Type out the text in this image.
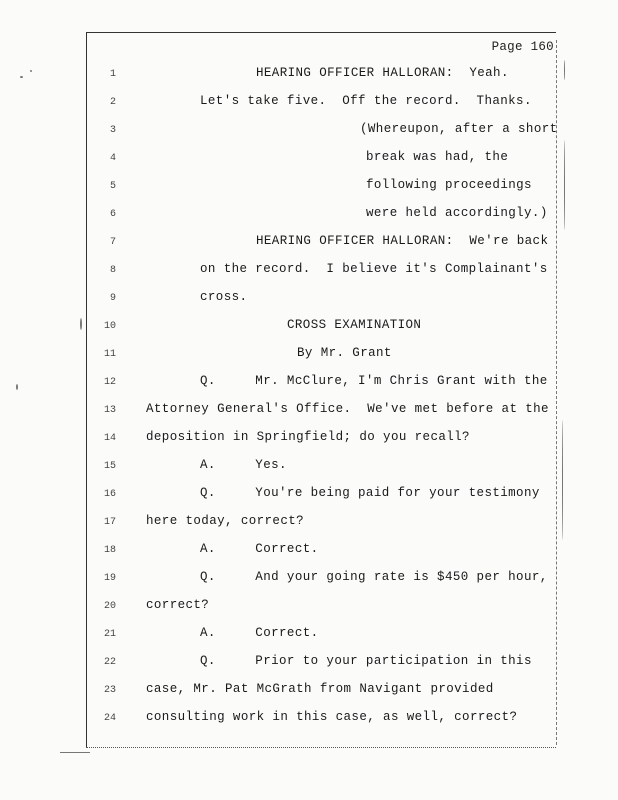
Page 160
1	HEARING OFFICER HALLORAN:  Yeah.
2	Let's take five.  Off the record.  Thanks.
3	(Whereupon, after a short
4	break was had, the
5	following proceedings
6	were held accordingly.)
7	HEARING OFFICER HALLORAN:  We're back
8	on the record.  I believe it's Complainant's
9	cross.
10	CROSS EXAMINATION
11	By Mr. Grant
12	Q.     Mr. McClure, I'm Chris Grant with the
13 Attorney General's Office.  We've met before at the
14 deposition in Springfield; do you recall?
15	A.     Yes.
16	Q.     You're being paid for your testimony
17 here today, correct?
18	A.     Correct.
19	Q.     And your going rate is $450 per hour,
20 correct?
21	A.     Correct.
22	Q.     Prior to your participation in this
23 case, Mr. Pat McGrath from Navigant provided
24 consulting work in this case, as well, correct?
